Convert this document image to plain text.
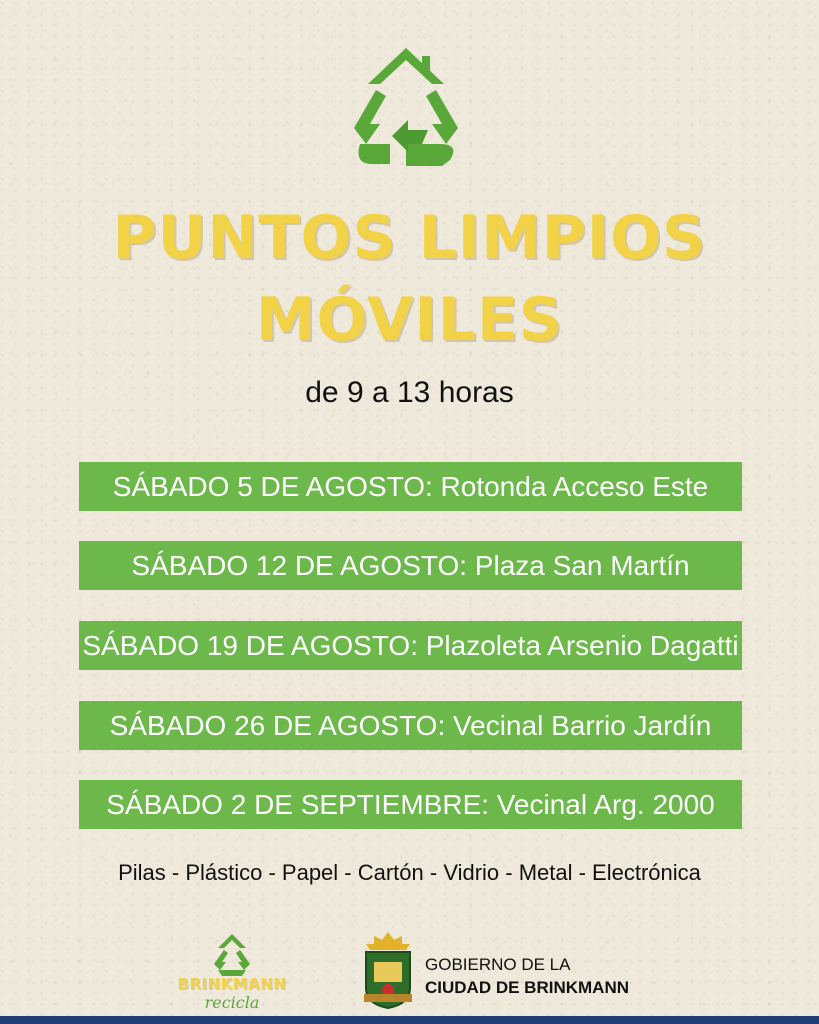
PUNTOS LIMPIOS
MÓVILES
de 9 a 13 horas
SÁBADO 5 DE AGOSTO: Rotonda Acceso Este
SÁBADO 12 DE AGOSTO: Plaza San Martín
SÁBADO 19 DE AGOSTO: Plazoleta Arsenio Dagatti
SÁBADO 26 DE AGOSTO: Vecinal Barrio Jardín
SÁBADO 2 DE SEPTIEMBRE: Vecinal Arg. 2000
Pilas - Plástico - Papel - Cartón - Vidrio - Metal - Electrónica
BRINKMANN
recicla
GOBIERNO DE LA
CIUDAD DE BRINKMANN
